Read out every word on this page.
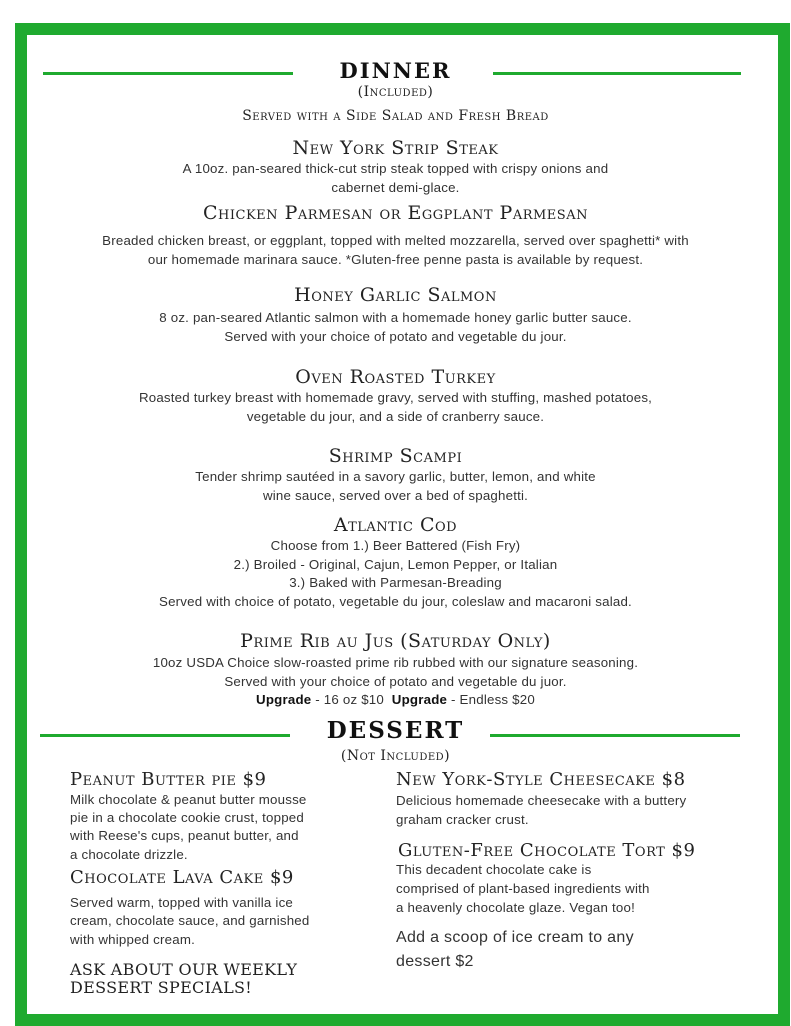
DINNER
(Included)
Served with a Side Salad and Fresh Bread
New York Strip Steak
A 10oz. pan-seared thick-cut strip steak topped with crispy onions and
cabernet demi-glace.
Chicken Parmesan or Eggplant Parmesan
Breaded chicken breast, or eggplant, topped with melted mozzarella, served over spaghetti* with
our homemade marinara sauce. *Gluten-free penne pasta is available by request.
Honey Garlic Salmon
8 oz. pan-seared Atlantic salmon with a homemade honey garlic butter sauce.
Served with your choice of potato and vegetable du jour.
Oven Roasted Turkey
Roasted turkey breast with homemade gravy, served with stuffing, mashed potatoes,
vegetable du jour, and a side of cranberry sauce.
Shrimp Scampi
Tender shrimp sautéed in a savory garlic, butter, lemon, and white
wine sauce, served over a bed of spaghetti.
Atlantic Cod
Choose from 1.) Beer Battered (Fish Fry)
2.) Broiled - Original, Cajun, Lemon Pepper, or Italian
3.) Baked with Parmesan-Breading
Served with choice of potato, vegetable du jour, coleslaw and macaroni salad.
Prime Rib au Jus (Saturday Only)
10oz USDA Choice slow-roasted prime rib rubbed with our signature seasoning.
Served with your choice of potato and vegetable du juor.
Upgrade - 16 oz $10  Upgrade - Endless $20
DESSERT
(Not Included)
Peanut Butter pie $9
Milk chocolate & peanut butter mousse
pie in a chocolate cookie crust, topped
with Reese's cups, peanut butter, and
a chocolate drizzle.
Chocolate Lava Cake $9
Served warm, topped with vanilla ice
cream, chocolate sauce, and garnished
with whipped cream.
ASK ABOUT OUR WEEKLY
DESSERT SPECIALS!
New York-Style Cheesecake $8
Delicious homemade cheesecake with a buttery
graham cracker crust.
Gluten-Free Chocolate Tort $9
This decadent chocolate cake is
comprised of plant-based ingredients with
a heavenly chocolate glaze. Vegan too!
Add a scoop of ice cream to any
dessert $2
